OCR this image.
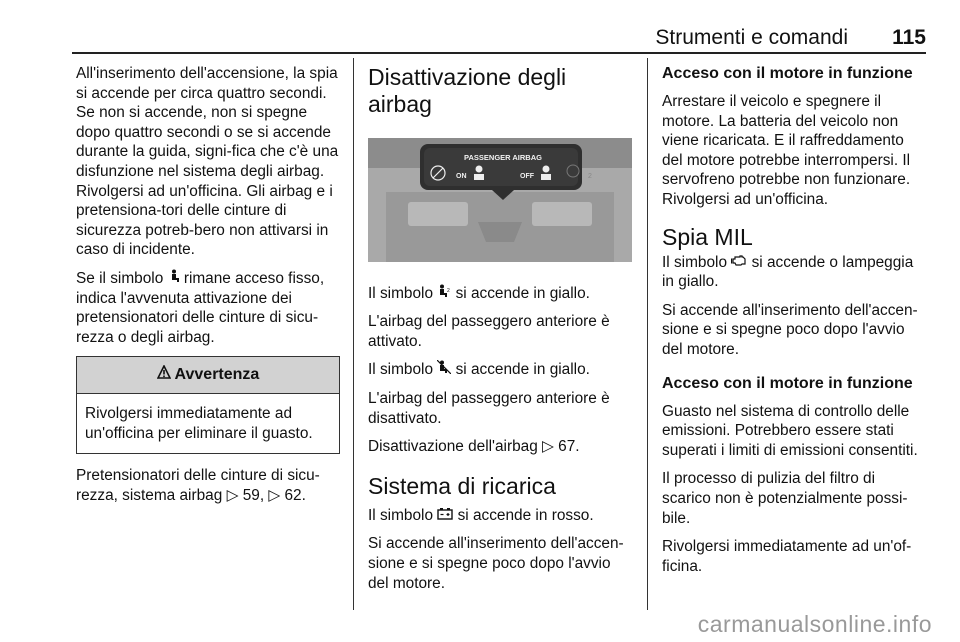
Strumenti e comandi 115

All'inserimento dell'accensione, la spia si accende per circa quattro secondi. Se non si accende, non si spegne dopo quattro secondi o se si accende durante la guida, signi-fica che c'è una disfunzione nel sistema degli airbag. Rivolgersi ad un'officina. Gli airbag e i pretensiona-tori delle cinture di sicurezza potreb-bero non attivarsi in caso di incidente.

Se il simbolo rimane acceso fisso, indica l'avvenuta attivazione dei pretensionatori delle cinture di sicu-rezza o degli airbag.

Avvertenza
Rivolgersi immediatamente ad un'officina per eliminare il guasto.

Pretensionatori delle cinture di sicu-rezza, sistema airbag ▷ 59, ▷ 62.

Disattivazione degli airbag
PASSENGER AIRBAG
ON	OFF	2

Il simbolo	2 si accende in giallo.

L'airbag del passeggero anteriore è attivato.

Il simbolo si accende in giallo.

L'airbag del passeggero anteriore è disattivato.

Disattivazione dell'airbag ▷ 67.

Sistema di ricarica

Il simbolo si accende in rosso.

Si accende all'inserimento dell'accen-sione e si spegne poco dopo l'avvio del motore.

Acceso con il motore in funzione

Arrestare il veicolo e spegnere il motore. La batteria del veicolo non viene ricaricata. E il raffreddamento del motore potrebbe interrompersi. Il servofreno potrebbe non funzionare. Rivolgersi ad un'officina.

Spia MIL

Il simbolo si accende o lampeggia in giallo.

Si accende all'inserimento dell'accen-sione e si spegne poco dopo l'avvio del motore.

Acceso con il motore in funzione

Guasto nel sistema di controllo delle emissioni. Potrebbero essere stati superati i limiti di emissioni consentiti.

Il processo di pulizia del filtro di scarico non è potenzialmente possi-bile.

Rivolgersi immediatamente ad un'of-ficina.

carmanualsonline.info
